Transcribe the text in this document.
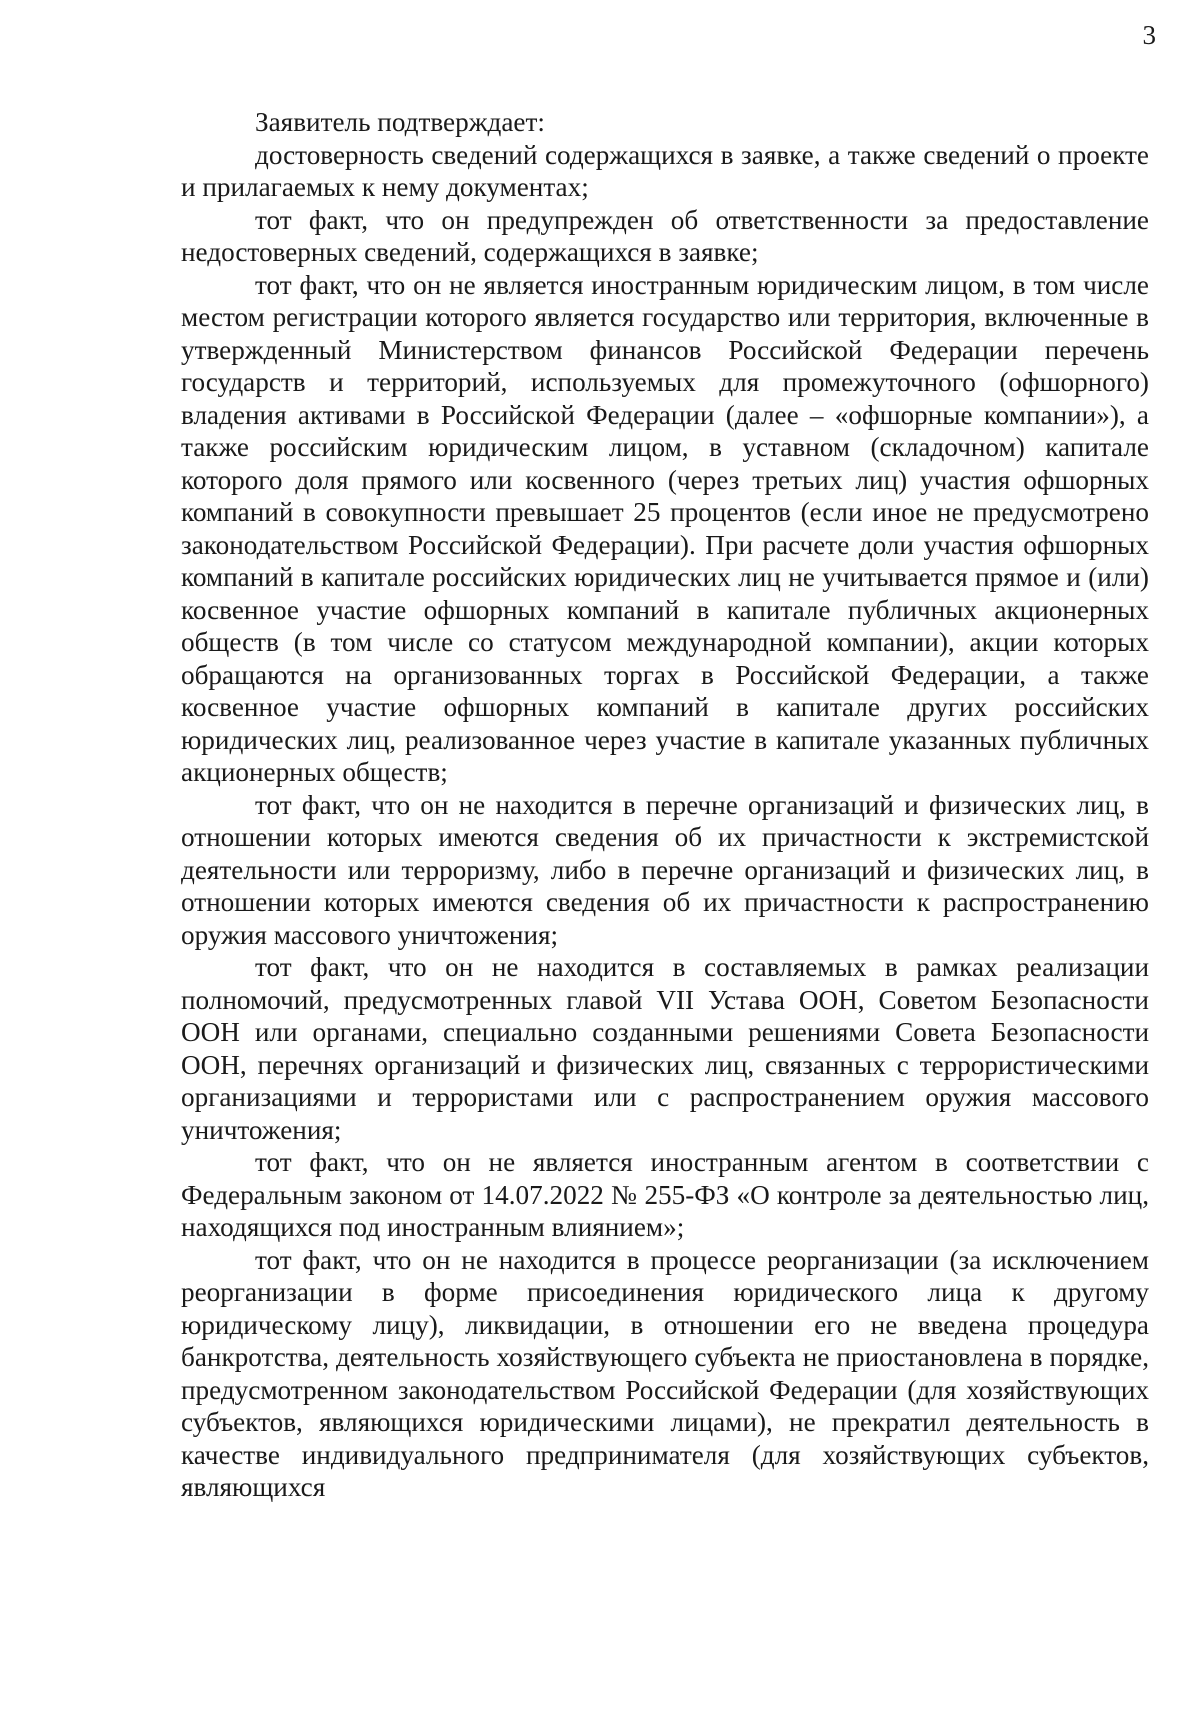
3

Заявитель подтверждает:

достоверность сведений содержащихся в заявке, а также сведений о проекте и прилагаемых к нему документах;

тот факт, что он предупрежден об ответственности за предоставление недостоверных сведений, содержащихся в заявке;

тот факт, что он не является иностранным юридическим лицом, в том числе местом регистрации которого является государство или территория, включенные в утвержденный Министерством финансов Российской Федерации перечень государств и территорий, используемых для промежуточного (офшорного) владения активами в Российской Федерации (далее – «офшорные компании»), а также российским юридическим лицом, в уставном (складочном) капитале которого доля прямого или косвенного (через третьих лиц) участия офшорных компаний в совокупности превышает 25 процентов (если иное не предусмотрено законодательством Российской Федерации). При расчете доли участия офшорных компаний в капитале российских юридических лиц не учитывается прямое и (или) косвенное участие офшорных компаний в капитале публичных акционерных обществ (в том числе со статусом международной компании), акции которых обращаются на организованных торгах в Российской Федерации, а также косвенное участие офшорных компаний в капитале других российских юридических лиц, реализованное через участие в капитале указанных публичных акционерных обществ;

тот факт, что он не находится в перечне организаций и физических лиц, в отношении которых имеются сведения об их причастности к экстремистской деятельности или терроризму, либо в перечне организаций и физических лиц, в отношении которых имеются сведения об их причастности к распространению оружия массового уничтожения;

тот факт, что он не находится в составляемых в рамках реализации полномочий, предусмотренных главой VII Устава ООН, Советом Безопасности ООН или органами, специально созданными решениями Совета Безопасности ООН, перечнях организаций и физических лиц, связанных с террористическими организациями и террористами или с распространением оружия массового уничтожения;

тот факт, что он не является иностранным агентом в соответствии с Федеральным законом от 14.07.2022 № 255-ФЗ «О контроле за деятельностью лиц, находящихся под иностранным влиянием»;

тот факт, что он не находится в процессе реорганизации (за исключением реорганизации в форме присоединения юридического лица к другому юридическому лицу), ликвидации, в отношении его не введена процедура банкротства, деятельность хозяйствующего субъекта не приостановлена в порядке, предусмотренном законодательством Российской Федерации (для хозяйствующих субъектов, являющихся юридическими лицами), не прекратил деятельность в качестве индивидуального предпринимателя (для хозяйствующих субъектов, являющихся
